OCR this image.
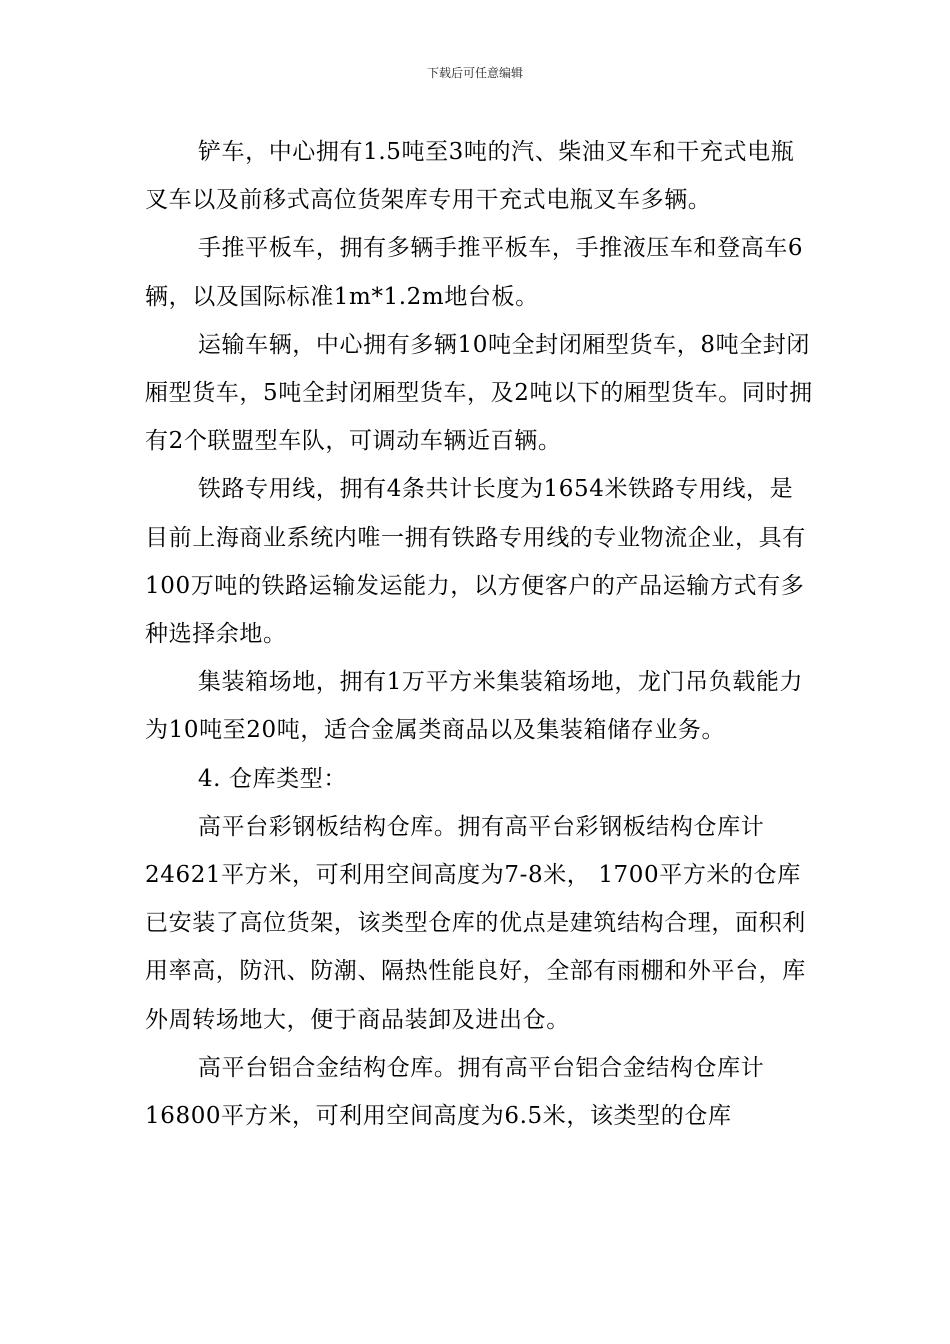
下载后可任意编辑

铲车，中心拥有1.5吨至3吨的汽、柴油叉车和干充式电瓶叉车以及前移式高位货架库专用干充式电瓶叉车多辆。

手推平板车，拥有多辆手推平板车，手推液压车和登高车6辆，以及国际标准1m*1.2m地台板。

运输车辆，中心拥有多辆10吨全封闭厢型货车，8吨全封闭厢型货车，5吨全封闭厢型货车，及2吨以下的厢型货车。同时拥有2个联盟型车队，可调动车辆近百辆。

铁路专用线，拥有4条共计长度为1654米铁路专用线，是目前上海商业系统内唯一拥有铁路专用线的专业物流企业，具有100万吨的铁路运输发运能力，以方便客户的产品运输方式有多种选择余地。

集装箱场地，拥有1万平方米集装箱场地，龙门吊负载能力为10吨至20吨，适合金属类商品以及集装箱储存业务。

4. 仓库类型：

高平台彩钢板结构仓库。拥有高平台彩钢板结构仓库计24621平方米，可利用空间高度为7-8米， 1700平方米的仓库已安装了高位货架，该类型仓库的优点是建筑结构合理，面积利用率高，防汛、防潮、隔热性能良好，全部有雨棚和外平台，库外周转场地大，便于商品装卸及进出仓。

高平台铝合金结构仓库。拥有高平台铝合金结构仓库计16800平方米，可利用空间高度为6.5米，该类型的仓库
